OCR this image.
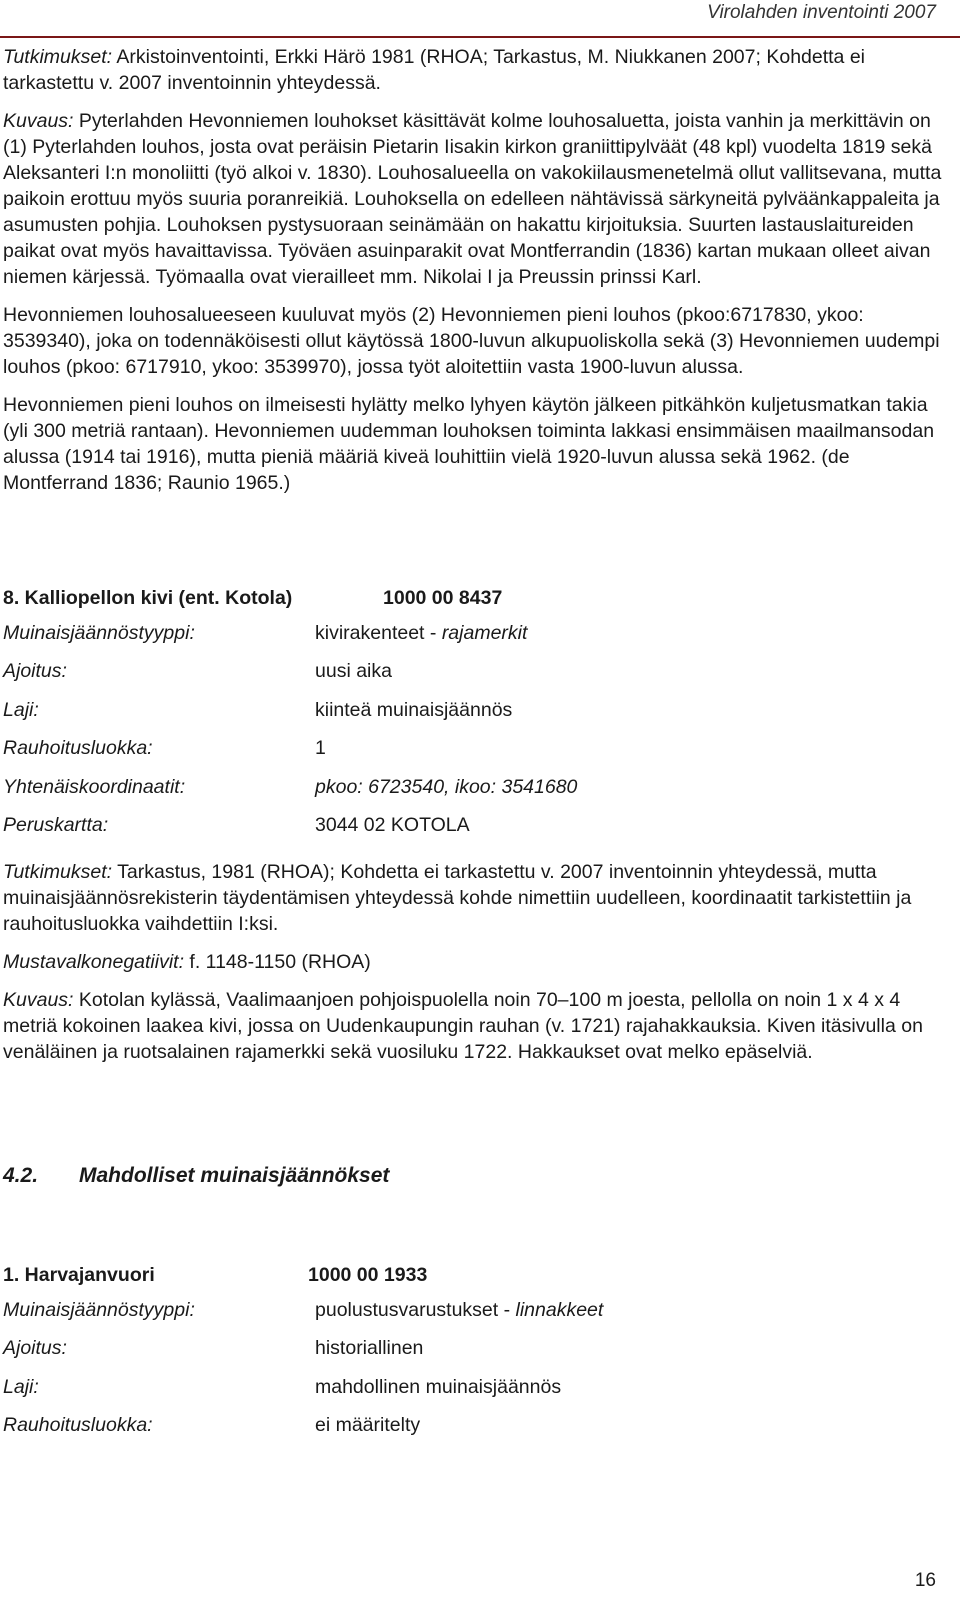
Virolahden inventointi 2007

Tutkimukset: Arkistoinventointi, Erkki Härö 1981 (RHOA; Tarkastus, M. Niukkanen 2007; Kohdetta ei tarkastettu v. 2007 inventoinnin yhteydessä.

Kuvaus: Pyterlahden Hevonniemen louhokset käsittävät kolme louhosaluetta, joista vanhin ja merkittävin on (1) Pyterlahden louhos, josta ovat peräisin Pietarin Iisakin kirkon graniittipylväät (48 kpl) vuodelta 1819 sekä Aleksanteri I:n monoliitti (työ alkoi v. 1830). Louhosalueella on vakokiilausmenetelmä ollut vallitsevana, mutta paikoin erottuu myös suuria poranreikiä. Louhoksella on edelleen nähtävissä särkyneitä pylväänkappaleita ja asumusten pohjia. Louhoksen pystysuoraan seinämään on hakattu kirjoituksia. Suurten lastauslaitureiden paikat ovat myös havaittavissa. Työväen asuinparakit ovat Montferrandin (1836) kartan mukaan olleet aivan niemen kärjessä. Työmaalla ovat vierailleet mm. Nikolai I ja Preussin prinssi Karl.

Hevonniemen louhosalueeseen kuuluvat myös (2) Hevonniemen pieni louhos (pkoo:6717830, ykoo: 3539340), joka on todennäköisesti ollut käytössä 1800-luvun alkupuoliskolla sekä (3) Hevonniemen uudempi louhos (pkoo: 6717910, ykoo: 3539970), jossa työt aloitettiin vasta 1900-luvun alussa.

Hevonniemen pieni louhos on ilmeisesti hylätty melko lyhyen käytön jälkeen pitkähkön kuljetusmatkan takia (yli 300 metriä rantaan). Hevonniemen uudemman louhoksen toiminta lakkasi ensimmäisen maailmansodan alussa (1914 tai 1916), mutta pieniä määriä kiveä louhittiin vielä 1920-luvun alussa sekä 1962. (de Montferrand 1836; Raunio 1965.)

8. Kalliopellon kivi (ent. Kotola)	1000 00 8437
Muinaisjäännöstyyppi:	kivirakenteet - rajamerkit
Ajoitus:	uusi aika
Laji:	kiinteä muinaisjäännös
Rauhoitusluokka:	1
Yhtenäiskoordinaatit:	pkoo: 6723540, ikoo: 3541680
Peruskartta:	3044 02 KOTOLA

Tutkimukset: Tarkastus, 1981 (RHOA); Kohdetta ei tarkastettu v. 2007 inventoinnin yhteydessä, mutta muinaisjäännösrekisterin täydentämisen yhteydessä kohde nimettiin uudelleen, koordinaatit tarkistettiin ja rauhoitusluokka vaihdettiin I:ksi.

Mustavalkonegatiivit: f. 1148-1150 (RHOA)

Kuvaus: Kotolan kylässä, Vaalimaanjoen pohjoispuolella noin 70–100 m joesta, pellolla on noin 1 x 4 x 4 metriä kokoinen laakea kivi, jossa on Uudenkaupungin rauhan (v. 1721) rajahakkauksia. Kiven itäsivulla on venäläinen ja ruotsalainen rajamerkki sekä vuosiluku 1722. Hakkaukset ovat melko epäselviä.

4.2.	Mahdolliset muinaisjäännökset
1. Harvajanvuori	1000 00 1933
Muinaisjäännöstyyppi:	puolustusvarustukset - linnakkeet
Ajoitus:	historiallinen
Laji:	mahdollinen muinaisjäännös
Rauhoitusluokka:	ei määritelty
16
